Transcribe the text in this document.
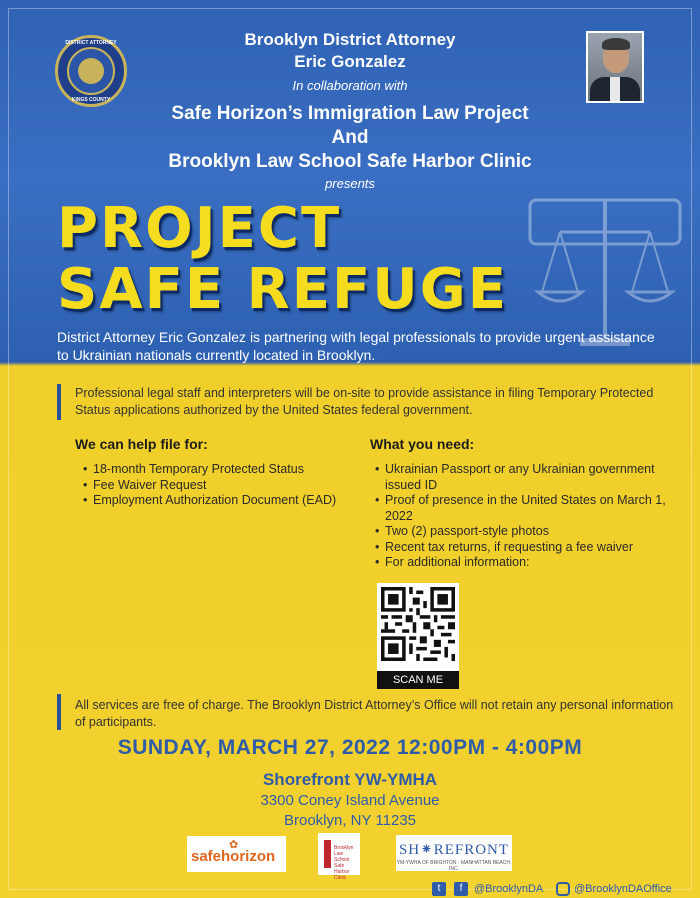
DISTRICT ATTORNEY
KINGS COUNTY
Brooklyn District Attorney
Eric Gonzalez
In collaboration with
Safe Horizon’s Immigration Law Project
And
Brooklyn Law School Safe Harbor Clinic
presents
PROJECT
SAFE REFUGE
District Attorney Eric Gonzalez is partnering with legal professionals to provide urgent assistance to Ukrainian nationals currently located in Brooklyn.
Professional legal staff and interpreters will be on-site to provide assistance in filing Temporary Protected Status applications authorized by the United States federal government.
We can help file for:
• 18-month Temporary Protected Status
• Fee Waiver Request
• Employment Authorization Document (EAD)
What you need:
• Ukrainian Passport or any Ukrainian government issued ID
• Proof of presence in the United States on March 1, 2022
• Two (2) passport-style photos
• Recent tax returns, if requesting a fee waiver
• For additional information:
SCAN ME
All services are free of charge. The Brooklyn District Attorney’s Office will not retain any personal information of participants.
SUNDAY, MARCH 27, 2022 12:00PM - 4:00PM
Shorefront YW-YMHA
3300 Coney Island Avenue
Brooklyn, NY 11235
✿
safehorizon	Brooklyn Law School Safe Harbor Clinic
SH⁕REFRONT
YM-YWHA OF BRIGHTON · MANHATTAN BEACH, INC.
t	f	@BrooklynDA	@BrooklynDAOffice
